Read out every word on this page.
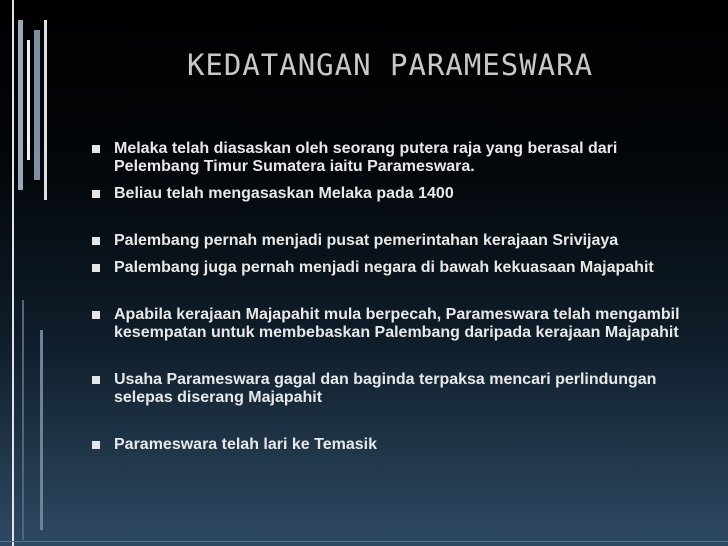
KEDATANGAN PARAMESWARA
Melaka telah diasaskan oleh seorang putera raja yang berasal dari Pelembang Timur Sumatera iaitu Parameswara.
Beliau telah mengasaskan Melaka pada 1400
Palembang pernah menjadi pusat pemerintahan kerajaan Srivijaya
Palembang juga pernah menjadi negara di bawah kekuasaan Majapahit
Apabila kerajaan Majapahit mula berpecah, Parameswara telah mengambil kesempatan untuk membebaskan Palembang daripada kerajaan Majapahit
Usaha Parameswara gagal dan baginda terpaksa mencari perlindungan selepas diserang Majapahit
Parameswara telah lari ke Temasik
